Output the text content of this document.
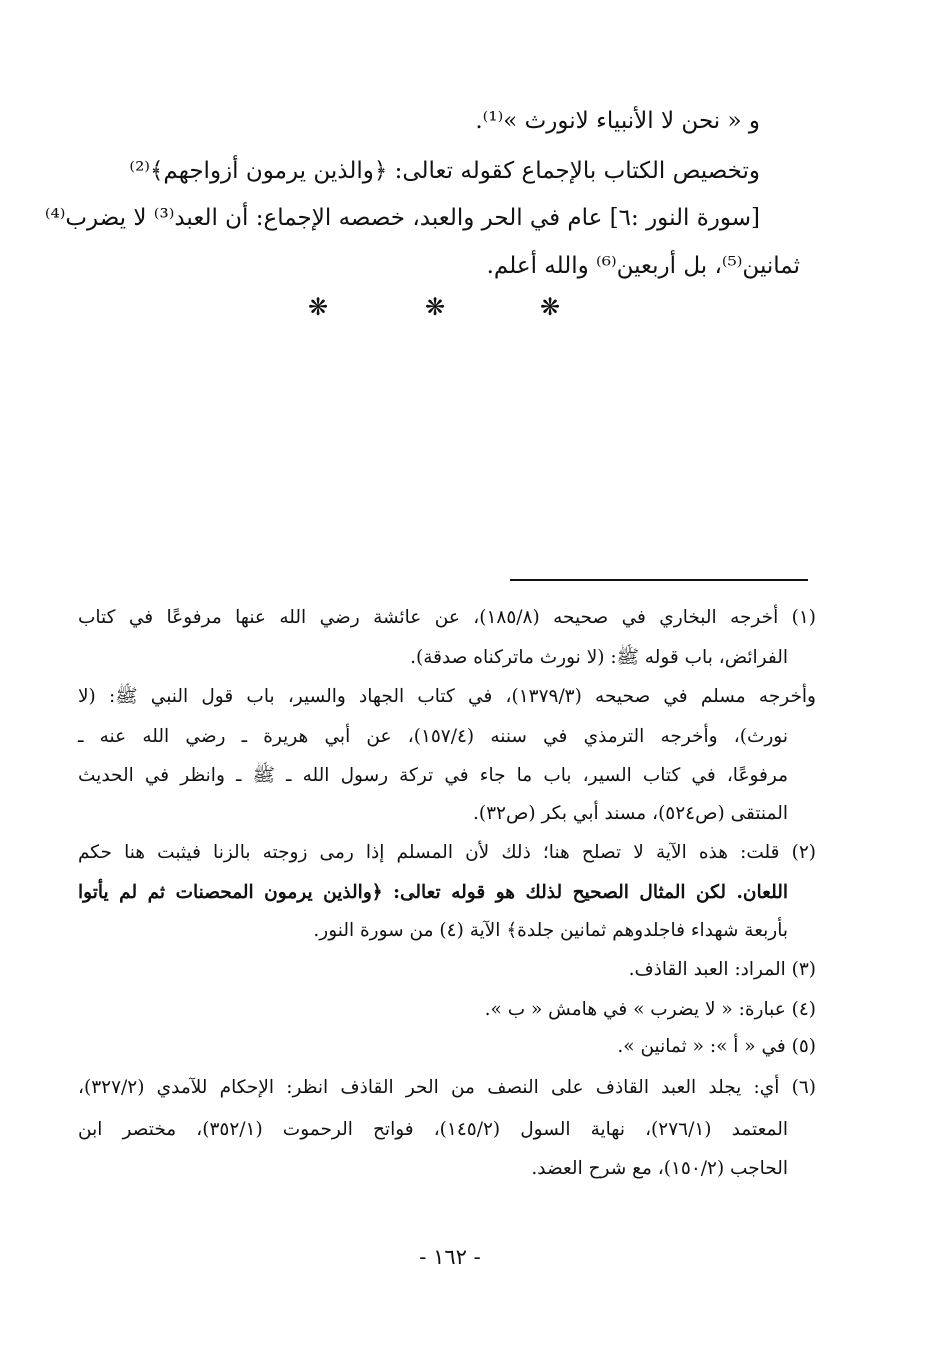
و « نحن لا الأنبياء لانورث »⁽¹⁾.
وتخصيص الكتاب بالإجماع كقوله تعالى: ﴿والذين يرمون أزواجهم﴾⁽²⁾
[سورة النور :٦] عام في الحر والعبد، خصصه الإجماع: أن العبد⁽³⁾ لا يضرب⁽⁴⁾
ثمانين⁽⁵⁾، بل أربعين⁽⁶⁾ والله أعلم.
❋	❋	❋
(١) أخرجه البخاري في صحيحه (١٨٥/٨)، عن عائشة رضي الله عنها مرفوعًا في كتاب
الفرائض، باب قوله ﷺ: (لا نورث ماتركناه صدقة).
وأخرجه مسلم في صحيحه (١٣٧٩/٣)، في كتاب الجهاد والسير، باب قول النبي ﷺ: (لا
نورث)، وأخرجه الترمذي في سننه (١٥٧/٤)، عن أبي هريرة ـ رضي الله عنه ـ
مرفوعًا، في كتاب السير، باب ما جاء في تركة رسول الله ـ ﷺ ـ وانظر في الحديث
المنتقى (ص٥٢٤)، مسند أبي بكر (ص٣٢).
(٢) قلت: هذه الآية لا تصلح هنا؛ ذلك لأن المسلم إذا رمى زوجته بالزنا فيثبت هنا حكم
اللعان. لكن المثال الصحيح لذلك هو قوله تعالى: ﴿والذين يرمون المحصنات ثم لم يأتوا
بأربعة شهداء فاجلدوهم ثمانين جلدة﴾ الآية (٤) من سورة النور.
(٣) المراد: العبد القاذف.
(٤) عبارة: « لا يضرب » في هامش « ب ».
(٥) في « أ »: « ثمانين ».
(٦) أي: يجلد العبد القاذف على النصف من الحر القاذف انظر: الإحكام للآمدي (٣٢٧/٢)،
المعتمد (٢٧٦/١)، نهاية السول (١٤٥/٢)، فواتح الرحموت (٣٥٢/١)، مختصر ابن
الحاجب (١٥٠/٢)، مع شرح العضد.
- ١٦٢ -
